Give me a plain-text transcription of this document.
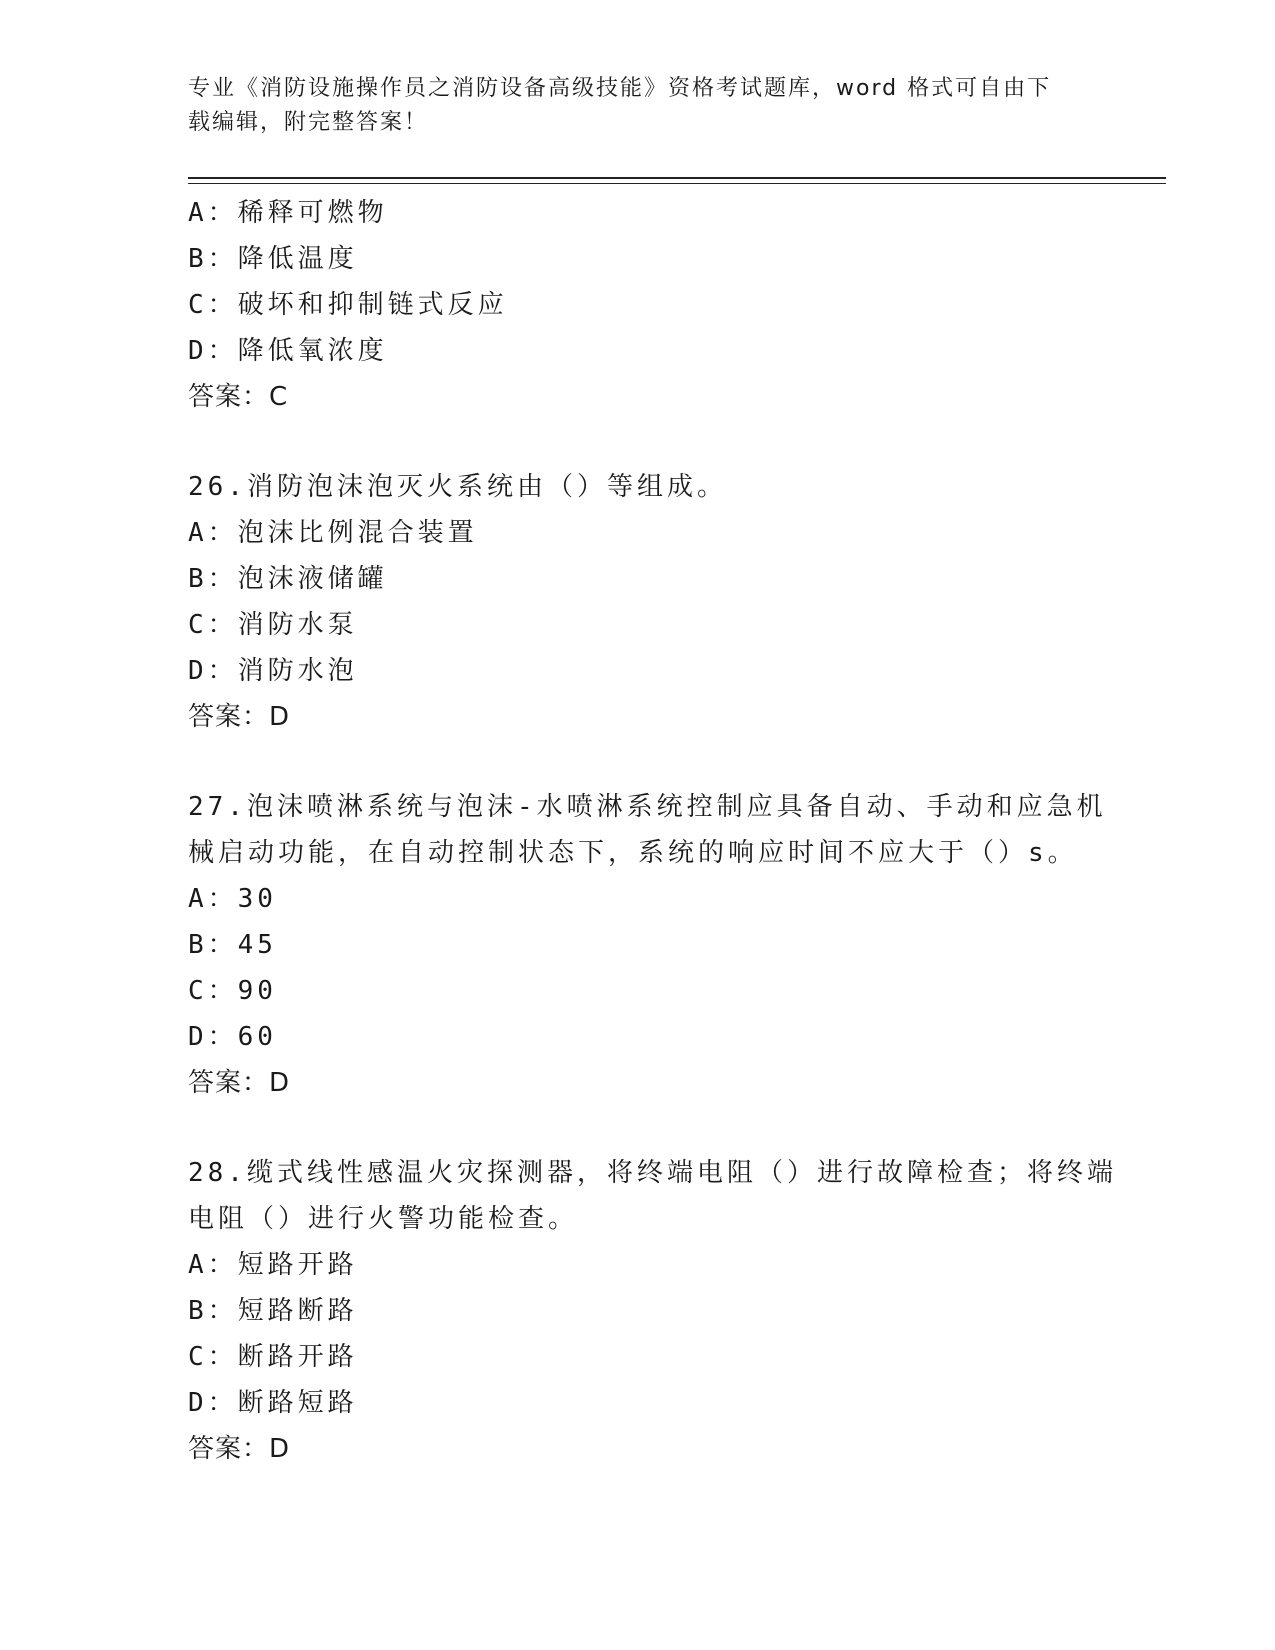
专业《消防设施操作员之消防设备高级技能》资格考试题库，word 格式可自由下
载编辑，附完整答案！
A：稀释可燃物
B：降低温度
C：破坏和抑制链式反应
D：降低氧浓度
答案：C
26.消防泡沫泡灭火系统由（）等组成。
A：泡沫比例混合装置
B：泡沫液储罐
C：消防水泵
D：消防水泡
答案：D
27.泡沫喷淋系统与泡沫-水喷淋系统控制应具备自动、手动和应急机
械启动功能，在自动控制状态下，系统的响应时间不应大于（）s。
A：30
B：45
C：90
D：60
答案：D
28.缆式线性感温火灾探测器，将终端电阻（）进行故障检查；将终端
电阻（）进行火警功能检查。
A：短路开路
B：短路断路
C：断路开路
D：断路短路
答案：D
